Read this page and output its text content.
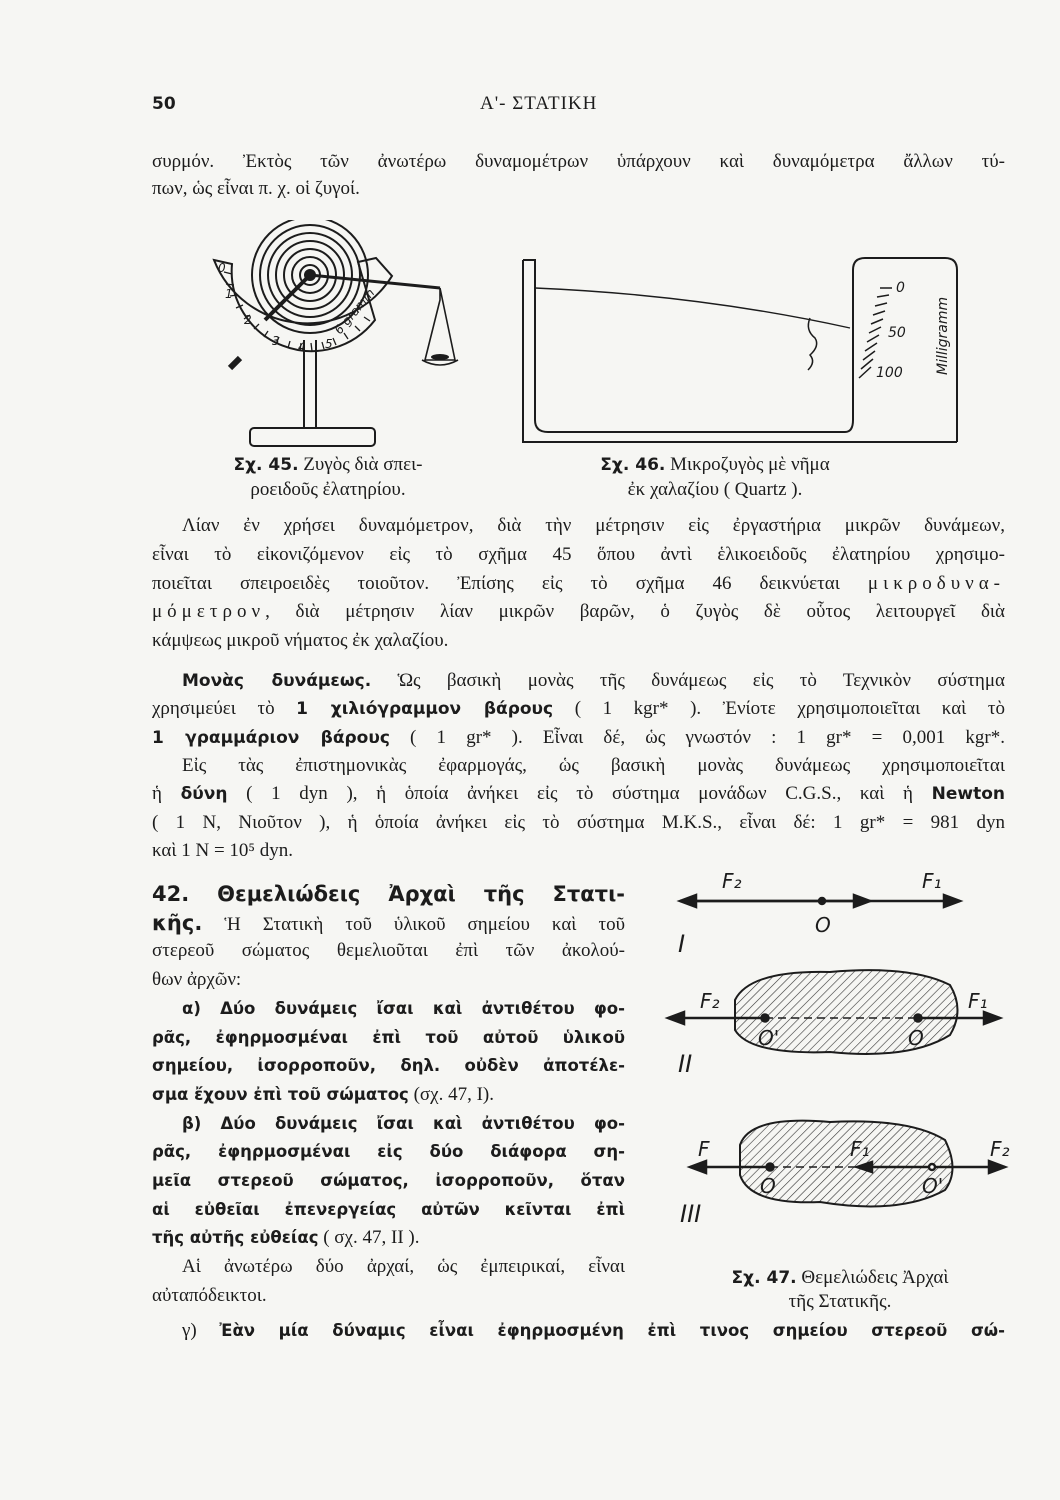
50	Α'- ΣΤΑΤΙΚΗ
συρμόν. Ἐκτὸς τῶν ἀνωτέρω δυναμομέτρων ὑπάρχουν καὶ δυναμόμετρα ἄλλων τύ-
πων, ὡς εἶναι π. χ. οἱ ζυγοί.
Σχ. 45. Ζυγὸς διὰ σπει-
ροειδοῦς ἐλατηρίου.
Σχ. 46. Μικροζυγὸς μὲ νῆμα
ἐκ χαλαζίου ( Quartz ).
Λίαν ἐν χρήσει δυναμόμετρον, διὰ τὴν μέτρησιν εἰς ἐργαστήρια μικρῶν δυνάμεων,
εἶναι τὸ εἰκονιζόμενον εἰς τὸ σχῆμα 45 ὅπου ἀντὶ ἑλικοειδοῦς ἐλατηρίου χρησιμο-
ποιεῖται σπειροειδὲς τοιοῦτον. Ἐπίσης εἰς τὸ σχῆμα 46 δεικνύεται μικροδυνα-
μόμετρον, διὰ μέτρησιν λίαν μικρῶν βαρῶν, ὁ ζυγὸς δὲ οὗτος λειτουργεῖ διὰ
κάμψεως μικροῦ νήματος ἐκ χαλαζίου.
Μονὰς δυνάμεως. Ὡς βασικὴ μονὰς τῆς δυνάμεως εἰς τὸ Τεχνικὸν σύστημα
χρησιμεύει τὸ 1 χιλιόγραμμον βάρους ( 1 kgr* ). Ἐνίοτε χρησιμοποιεῖται καὶ τὸ
1 γραμμάριον βάρους ( 1 gr* ). Εἶναι δέ, ὡς γνωστόν : 1 gr* = 0,001 kgr*.
Εἰς τὰς ἐπιστημονικὰς ἐφαρμογάς, ὡς βασικὴ μονὰς δυνάμεως χρησιμοποιεῖται
ἡ δύνη ( 1 dyn ), ἡ ὁποία ἀνήκει εἰς τὸ σύστημα μονάδων C.G.S., καὶ ἡ Newton
( 1 N, Νιοῦτον ), ἡ ὁποία ἀνήκει εἰς τὸ σύστημα M.K.S., εἶναι δέ: 1 gr* = 981 dyn
καὶ 1 N = 10⁵ dyn.
42. Θεμελιώδεις Ἀρχαὶ τῆς Στατι-
κῆς. Ἡ Στατικὴ τοῦ ὑλικοῦ σημείου καὶ τοῦ
στερεοῦ σώματος θεμελιοῦται ἐπὶ τῶν ἀκολού-
θων ἀρχῶν:
α) Δύο δυνάμεις ἴσαι καὶ ἀντιθέτου φο-
ρᾶς, ἐφηρμοσμέναι ἐπὶ τοῦ αὐτοῦ ὑλικοῦ
σημείου, ἰσορροποῦν, δηλ. οὐδὲν ἀποτέλε-
σμα ἔχουν ἐπὶ τοῦ σώματος (σχ. 47, I).
β) Δύο δυνάμεις ἴσαι καὶ ἀντιθέτου φο-
ρᾶς, ἐφηρμοσμέναι εἰς δύο διάφορα ση-
μεῖα στερεοῦ σώματος, ἰσορροποῦν, ὅταν
αἱ εὐθεῖαι ἐπενεργείας αὐτῶν κεῖνται ἐπὶ
τῆς αὐτῆς εὐθείας ( σχ. 47, II ).
Αἱ ἀνωτέρω δύο ἀρχαί, ὡς ἐμπειρικαί, εἶναι
αὐταπόδεικτοι.
γ) Ἐὰν μία δύναμις εἶναι ἐφηρμοσμένη ἐπὶ τινος σημείου στερεοῦ σώ-
Σχ. 47. Θεμελιώδεις Ἀρχαὶ
τῆς Στατικῆς.
0
1
2
3 4 5
6 gramm	0
50
100 Milligramm
F₂	F₁
O
I
F₂	F₁
O'	O
II
F	F₁	F₂
O	O'
III
